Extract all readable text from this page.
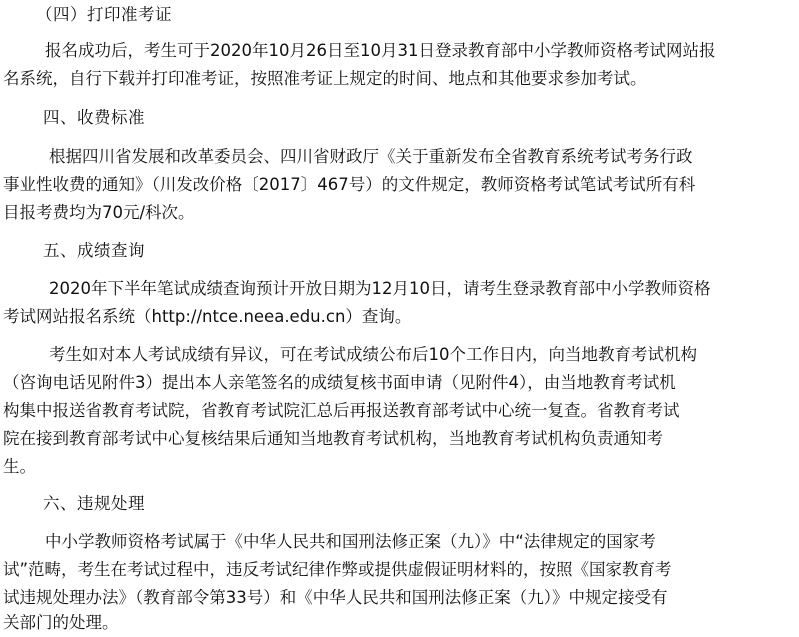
（四）打印准考证
报名成功后，考生可于2020年10月26日至10月31日登录教育部中小学教师资格考试网站报
名系统，自行下载并打印准考证，按照准考证上规定的时间、地点和其他要求参加考试。
四、收费标准
根据四川省发展和改革委员会、四川省财政厅《关于重新发布全省教育系统考试考务行政
事业性收费的通知》（川发改价格〔2017〕467号）的文件规定，教师资格考试笔试考试所有科
目报考费均为70元/科次。
五、成绩查询
2020年下半年笔试成绩查询预计开放日期为12月10日，请考生登录教育部中小学教师资格
考试网站报名系统（http://ntce.neea.edu.cn）查询。
考生如对本人考试成绩有异议，可在考试成绩公布后10个工作日内，向当地教育考试机构
（咨询电话见附件3）提出本人亲笔签名的成绩复核书面申请（见附件4），由当地教育考试机
构集中报送省教育考试院，省教育考试院汇总后再报送教育部考试中心统一复查。省教育考试
院在接到教育部考试中心复核结果后通知当地教育考试机构，当地教育考试机构负责通知考
生。
六、违规处理
中小学教师资格考试属于《中华人民共和国刑法修正案（九）》中“法律规定的国家考
试”范畴，考生在考试过程中，违反考试纪律作弊或提供虚假证明材料的，按照《国家教育考
试违规处理办法》（教育部令第33号）和《中华人民共和国刑法修正案（九）》中规定接受有
关部门的处理。
